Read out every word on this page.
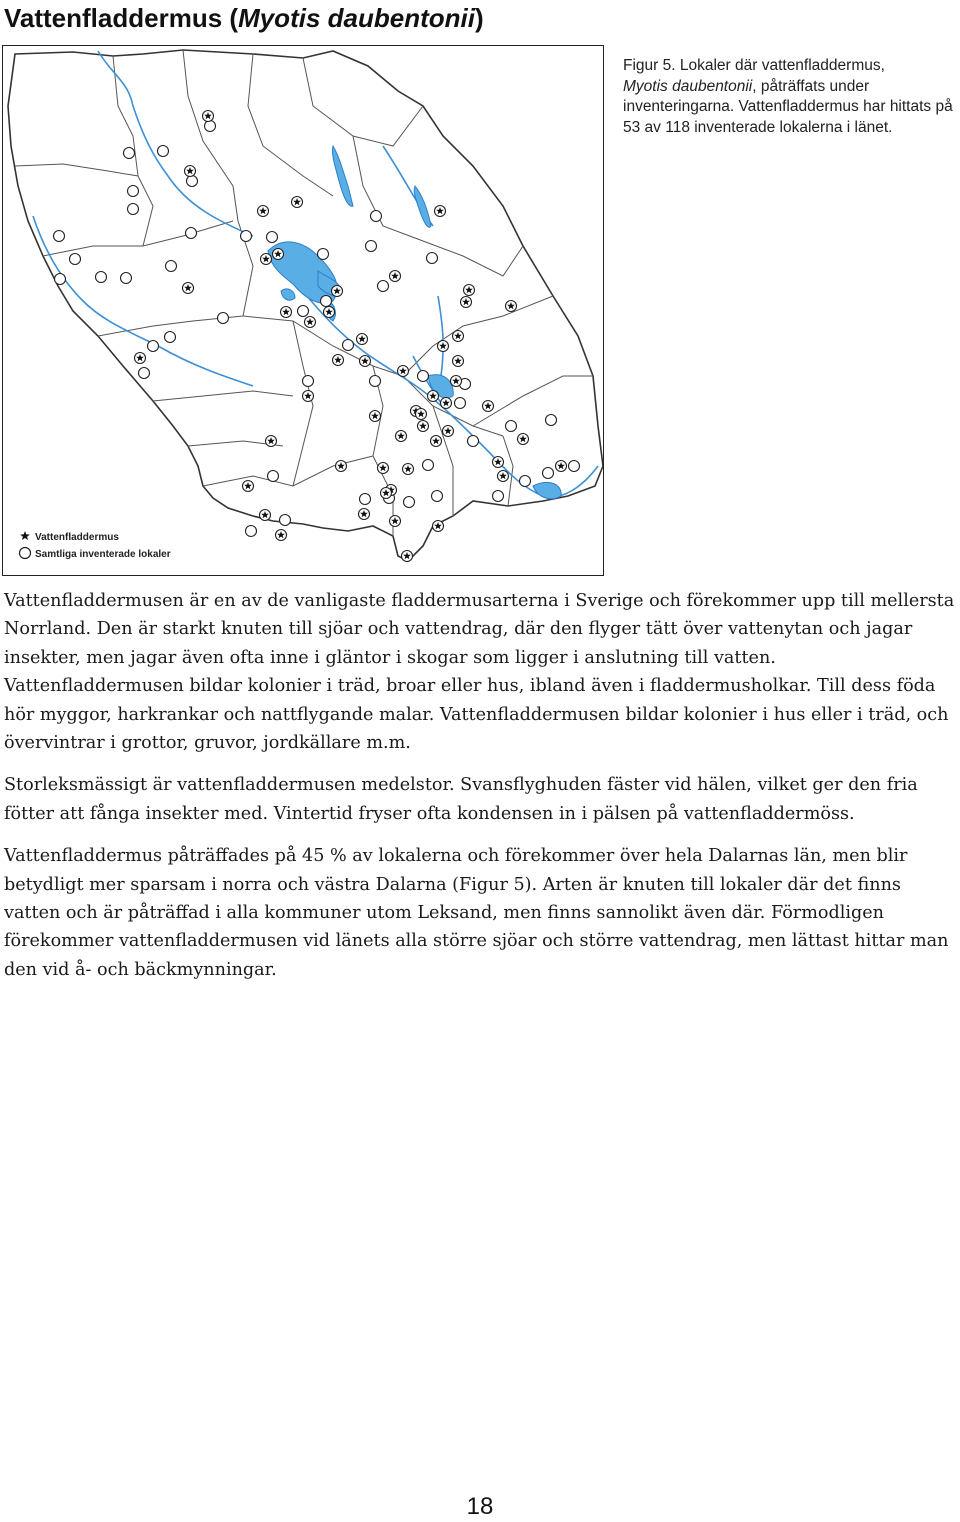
Vattenfladdermus (Myotis daubentonii)
Vattenfladdermus
Samtliga inventerade lokaler

Figur 5. Lokaler där vattenfladdermus,
Myotis daubentonii, påträffats under inventeringarna. Vattenfladdermus har hittats på 53 av 118 inventerade lokalerna i länet.

Vattenfladdermusen är en av de vanligaste fladdermusarterna i Sverige och förekommer upp till mellersta Norrland. Den är starkt knuten till sjöar och vattendrag, där den flyger tätt över vattenytan och jagar insekter, men jagar även ofta inne i gläntor i skogar som ligger i anslutning till vatten. Vattenfladdermusen bildar kolonier i träd, broar eller hus, ibland även i fladdermusholkar. Till dess föda hör myggor, harkrankar och nattflygande malar. Vattenfladdermusen bildar kolonier i hus eller i träd, och övervintrar i grottor, gruvor, jordkällare m.m.

Storleksmässigt är vattenfladdermusen medelstor. Svansflyghuden fäster vid hälen, vilket ger den fria fötter att fånga insekter med. Vintertid fryser ofta kondensen in i pälsen på vattenfladdermöss.

Vattenfladdermus påträffades på 45 % av lokalerna och förekommer över hela Dalarnas län, men blir betydligt mer sparsam i norra och västra Dalarna (Figur 5). Arten är knuten till lokaler där det finns vatten och är påträffad i alla kommuner utom Leksand, men finns sannolikt även där. Förmodligen förekommer vattenfladdermusen vid länets alla större sjöar och större vattendrag, men lättast hittar man den vid å- och bäckmynningar.

18
